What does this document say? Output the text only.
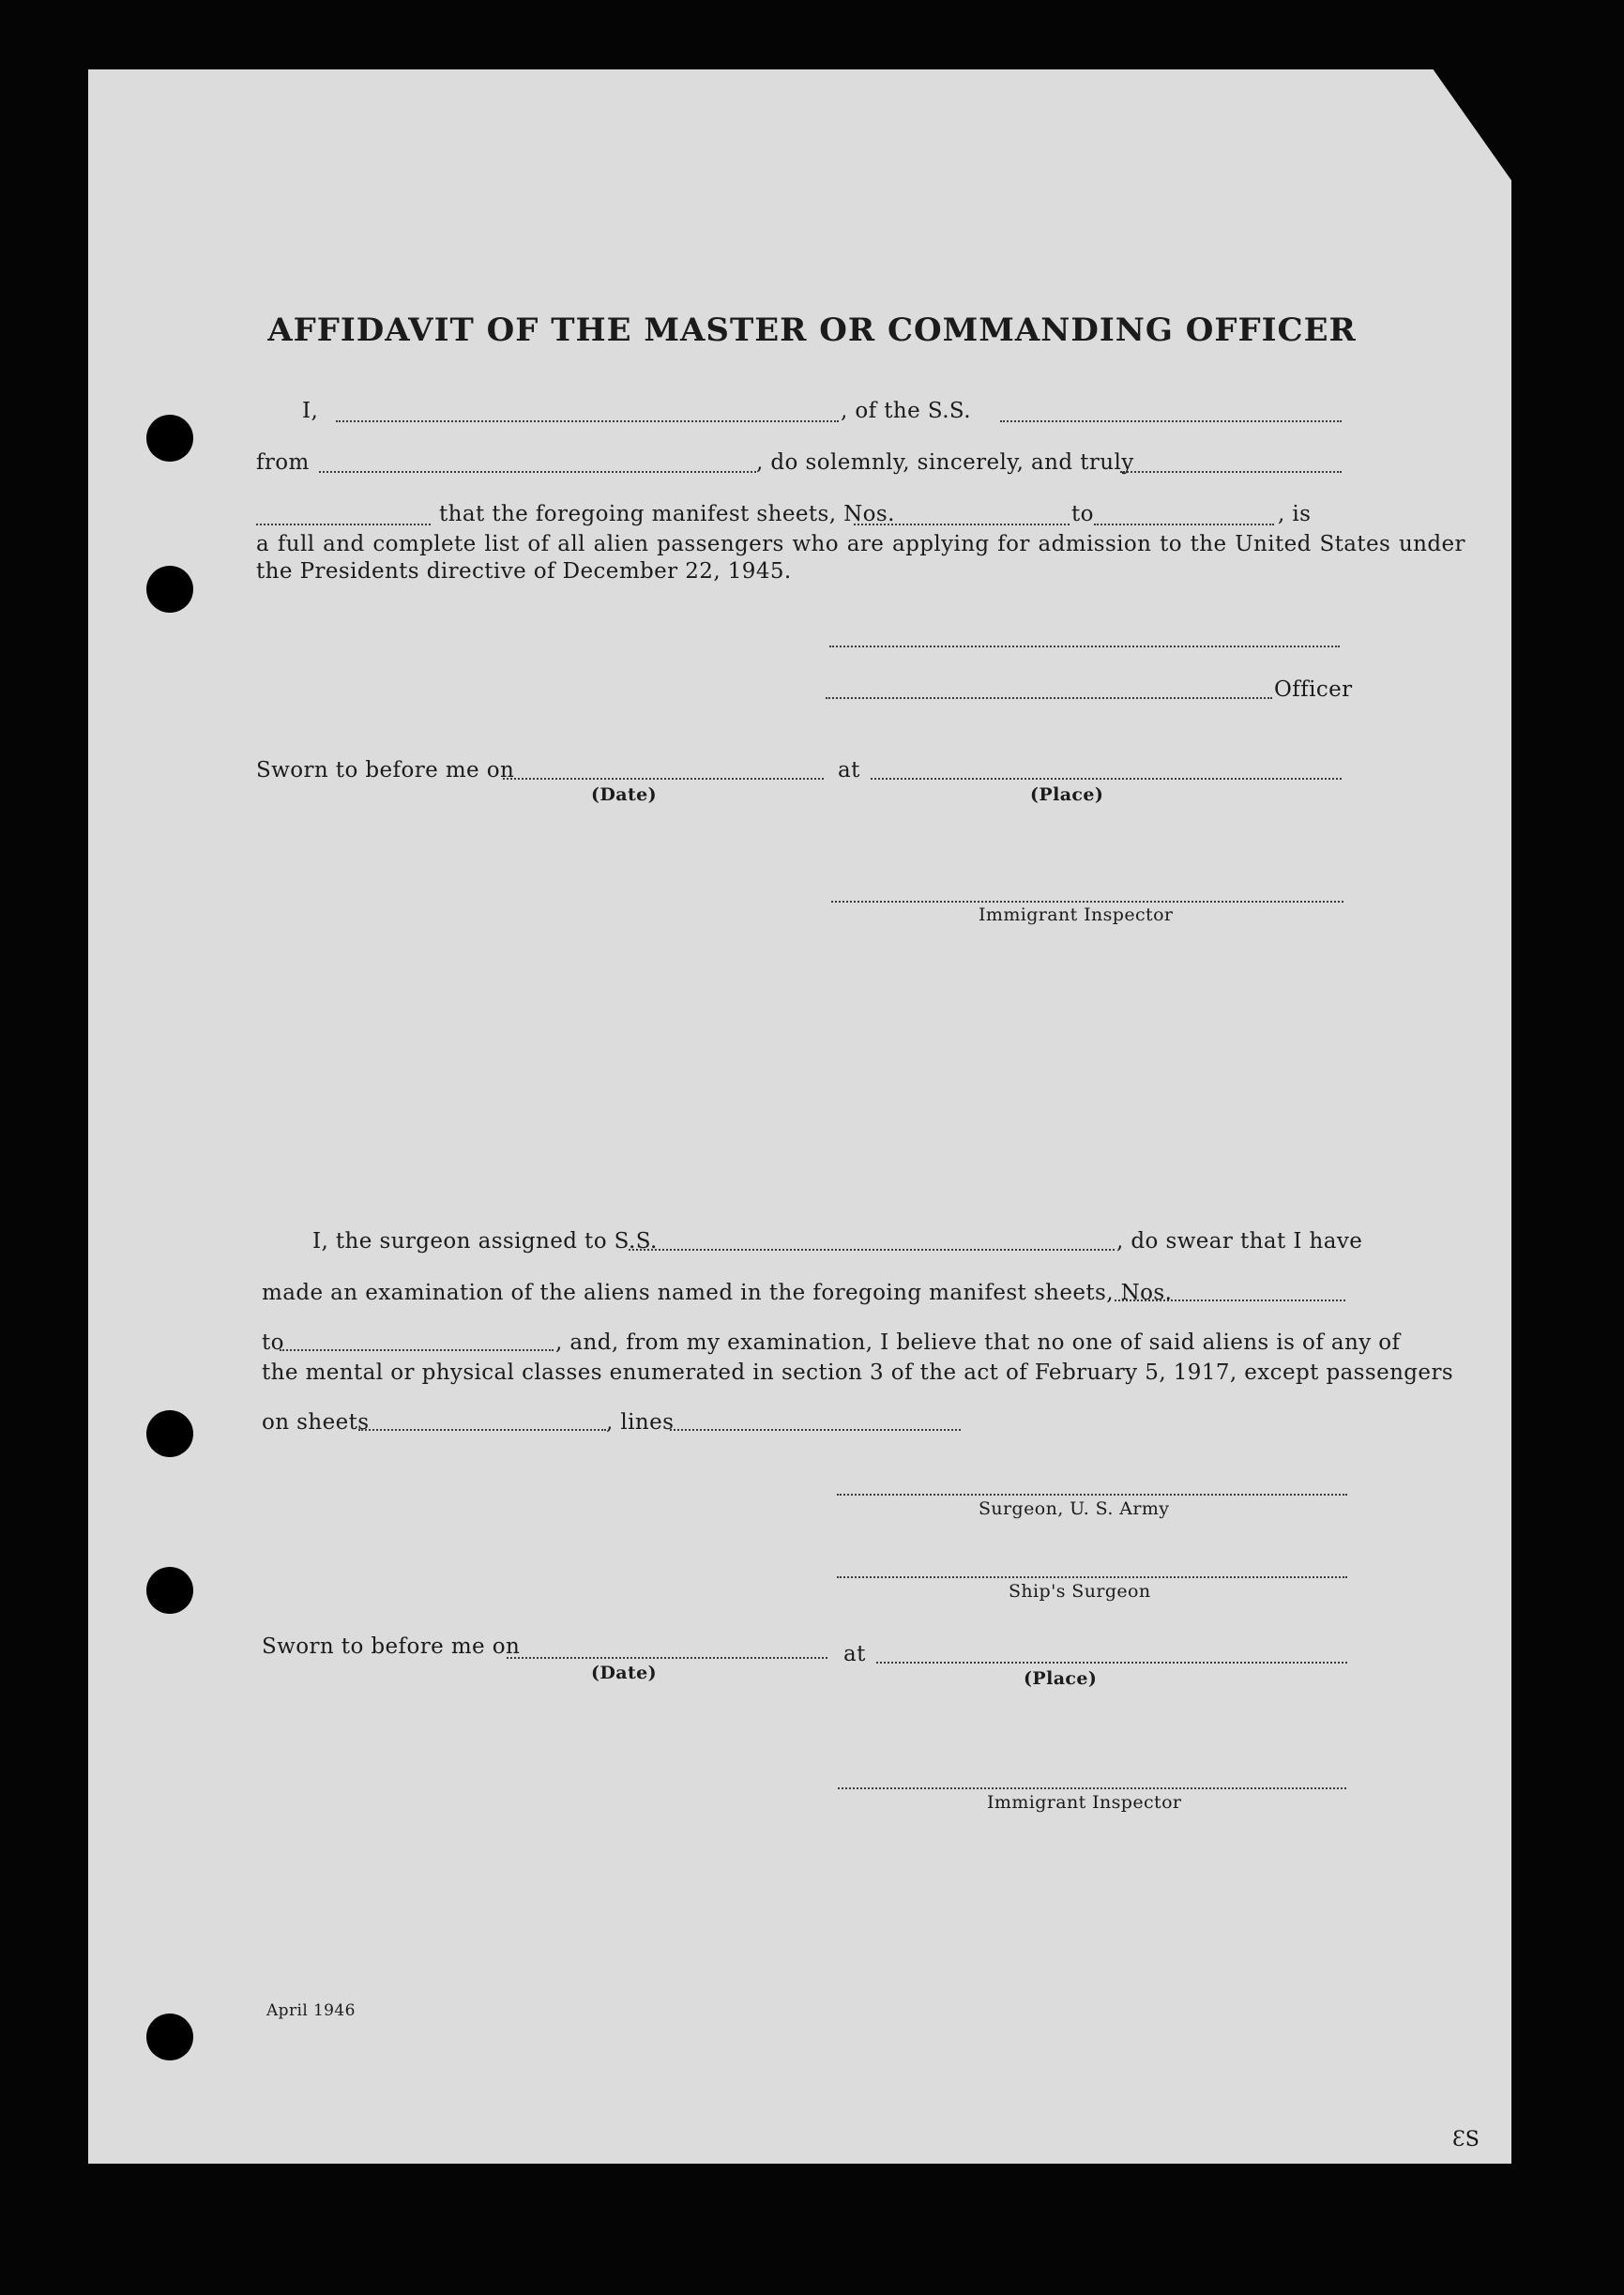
AFFIDAVIT OF THE MASTER OR COMMANDING OFFICER
I,	, of the S.S.
from	, do solemnly, sincerely, and truly
that the foregoing manifest sheets, Nos.	to	, is
a full and complete list of all alien passengers who are applying for admission to the United States under
the Presidents directive of December 22, 1945.
Officer
Sworn to before me on	at
(Date)	(Place)
Immigrant Inspector
I, the surgeon assigned to S.S.	, do swear that I have
made an examination of the aliens named in the foregoing manifest sheets, Nos.
to	, and, from my examination, I believe that no one of said aliens is of any of
the mental or physical classes enumerated in section 3 of the act of February 5, 1917, except passengers
on sheets	, lines
Surgeon, U. S. Army
Ship's Surgeon
Sworn to before me on	at
(Date)	(Place)
Immigrant Inspector
April 1946
ƐS
